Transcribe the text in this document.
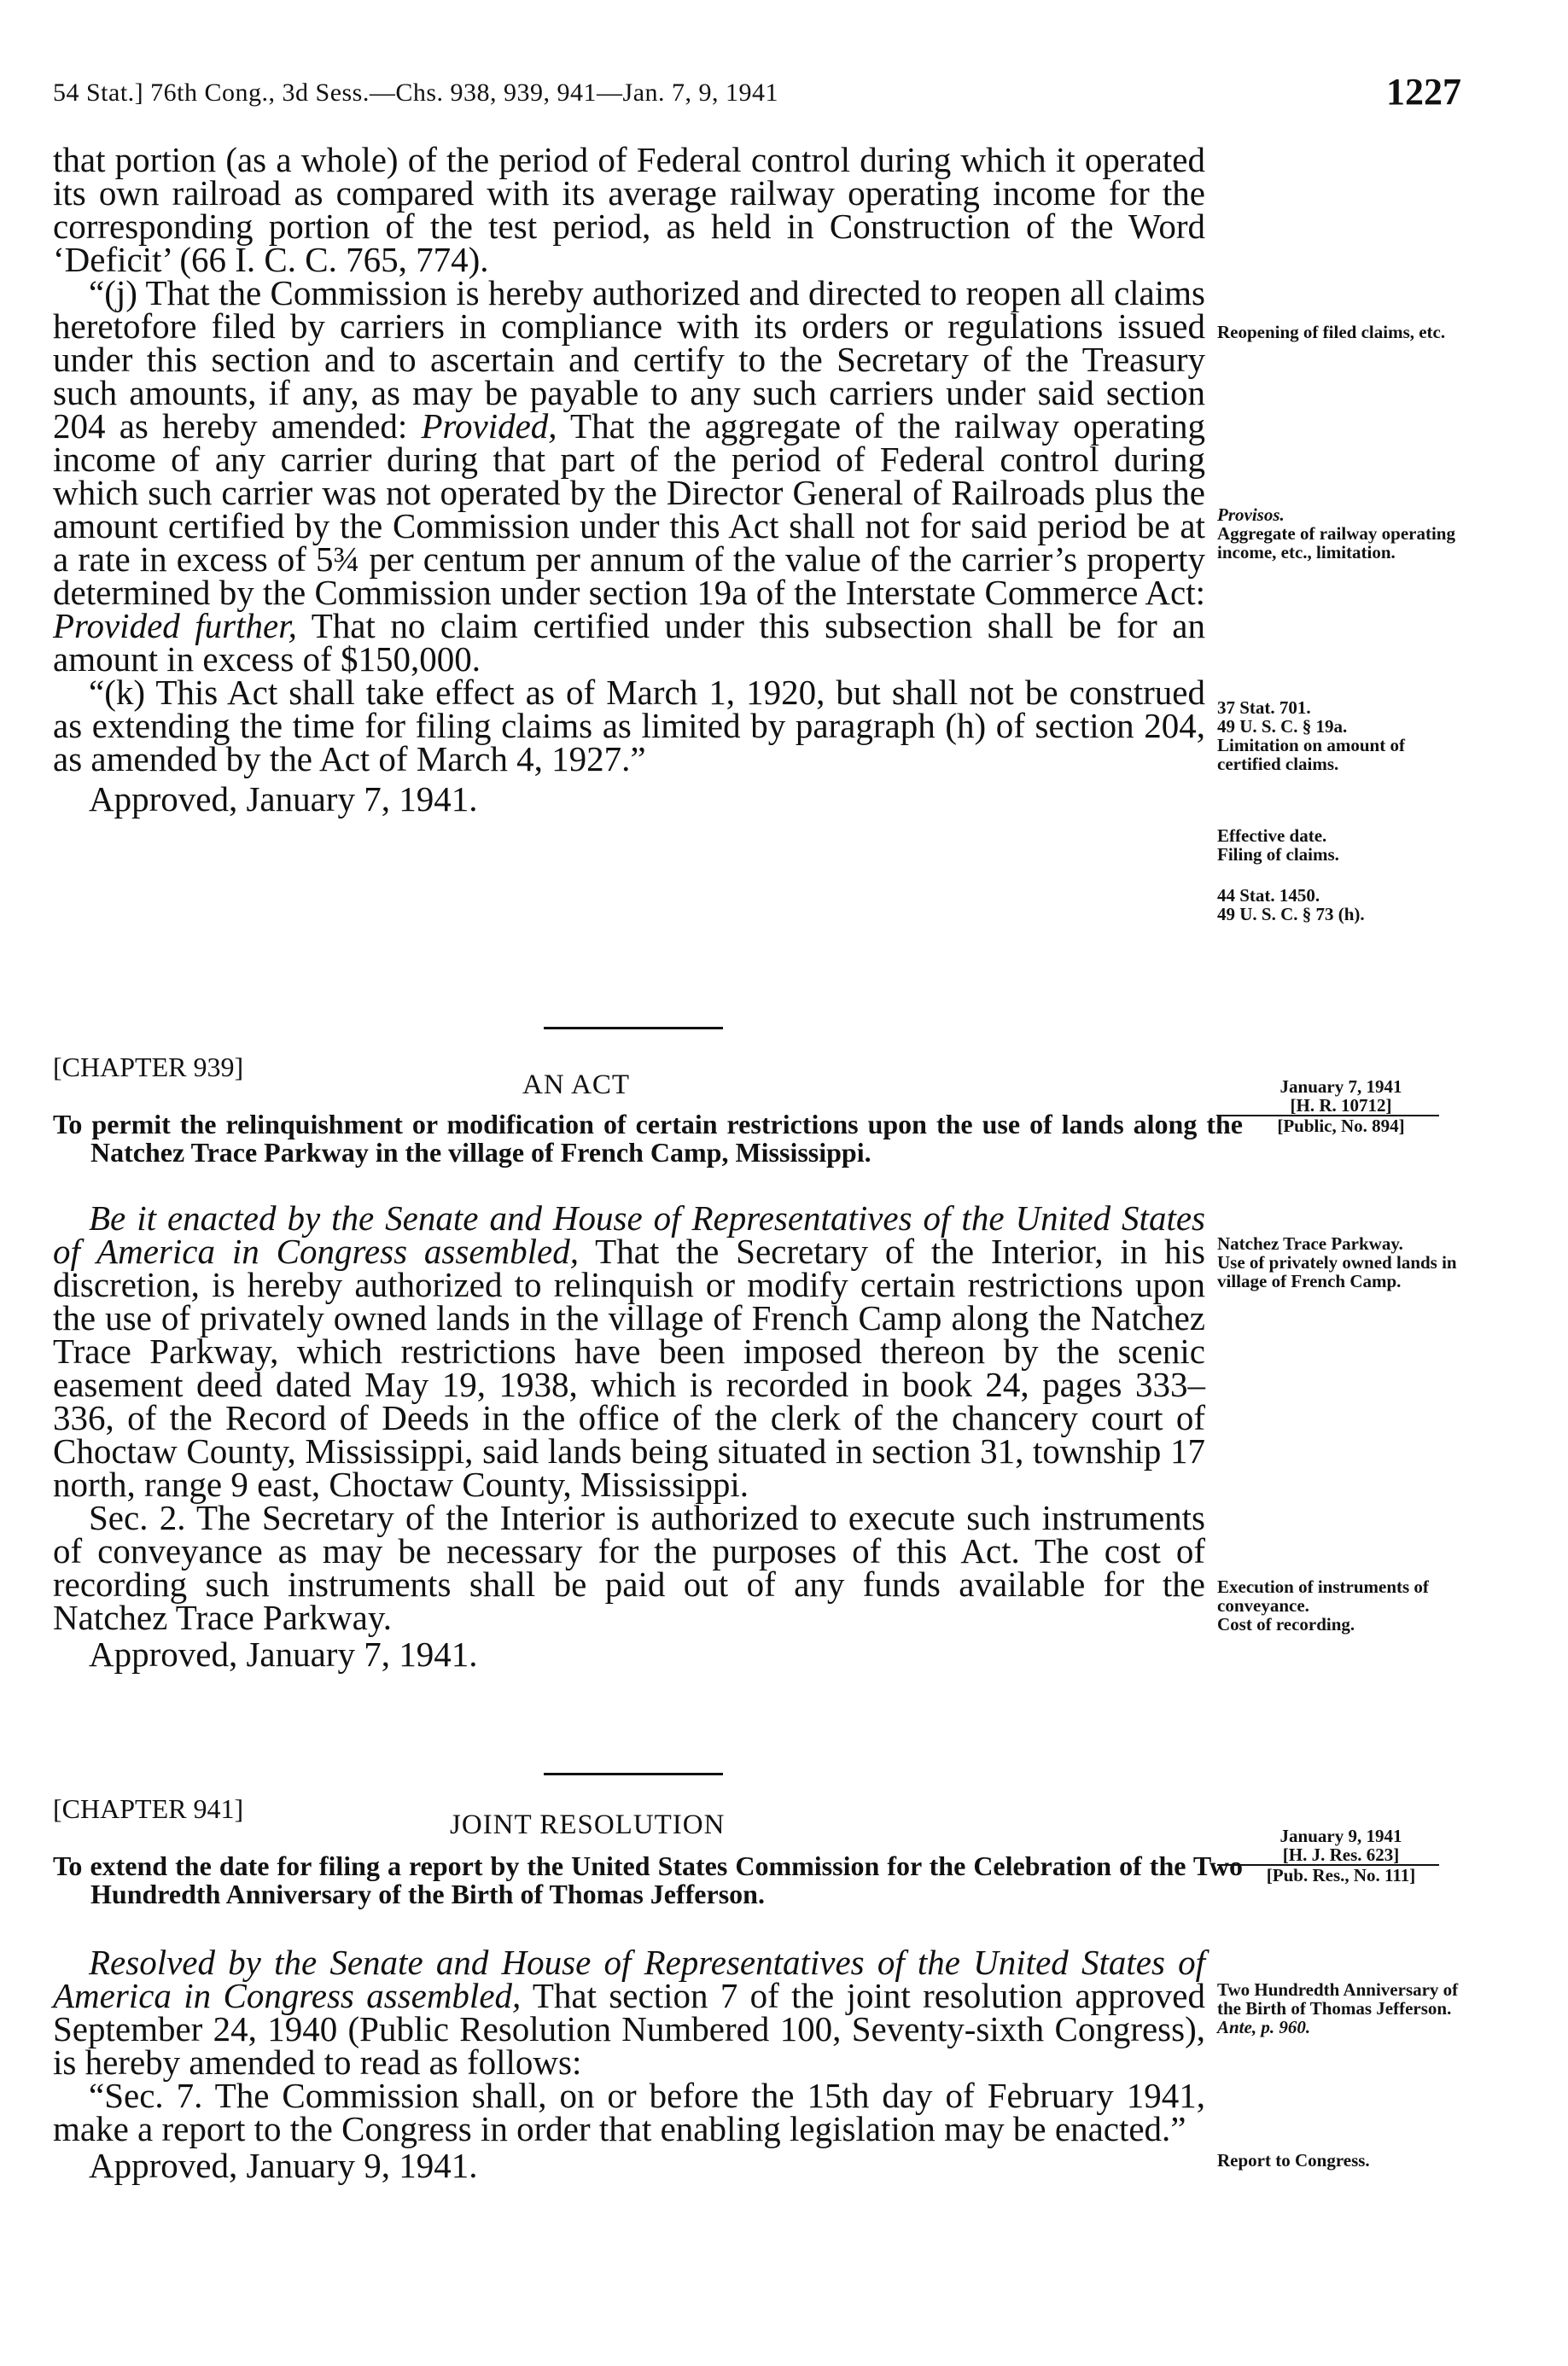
54 Stat.] 76th Cong., 3d Sess.—Chs. 938, 939, 941—Jan. 7, 9, 1941	1227

that portion (as a whole) of the period of Federal control during which it operated its own railroad as compared with its average railway operating income for the corresponding portion of the test period, as held in Construction of the Word ‘Deficit’ (66 I. C. C. 765, 774).

“(j) That the Commission is hereby authorized and directed to reopen all claims heretofore filed by carriers in compliance with its orders or regulations issued under this section and to ascertain and certify to the Secretary of the Treasury such amounts, if any, as may be payable to any such carriers under said section 204 as hereby amended: Provided, That the aggregate of the railway operating income of any carrier during that part of the period of Federal control during which such carrier was not operated by the Director General of Railroads plus the amount certified by the Commission under this Act shall not for said period be at a rate in excess of 5¾ per centum per annum of the value of the carrier’s property determined by the Commission under section 19a of the Interstate Commerce Act: Provided further, That no claim certified under this subsection shall be for an amount in excess of $150,000.

“(k) This Act shall take effect as of March 1, 1920, but shall not be construed as extending the time for filing claims as limited by paragraph (h) of section 204, as amended by the Act of March 4, 1927.”

Approved, January 7, 1941.

[CHAPTER 939]
AN ACT
To permit the relinquishment or modification of certain restrictions upon the use of lands along the Natchez Trace Parkway in the village of French Camp, Mississippi.

Be it enacted by the Senate and House of Representatives of the United States of America in Congress assembled, That the Secretary of the Interior, in his discretion, is hereby authorized to relinquish or modify certain restrictions upon the use of privately owned lands in the village of French Camp along the Natchez Trace Parkway, which restrictions have been imposed thereon by the scenic easement deed dated May 19, 1938, which is recorded in book 24, pages 333–336, of the Record of Deeds in the office of the clerk of the chancery court of Choctaw County, Mississippi, said lands being situated in section 31, township 17 north, range 9 east, Choctaw County, Mississippi.

Sec. 2. The Secretary of the Interior is authorized to execute such instruments of conveyance as may be necessary for the purposes of this Act. The cost of recording such instruments shall be paid out of any funds available for the Natchez Trace Parkway.

Approved, January 7, 1941.

[CHAPTER 941]
JOINT RESOLUTION
To extend the date for filing a report by the United States Commission for the Celebration of the Two Hundredth Anniversary of the Birth of Thomas Jefferson.

Resolved by the Senate and House of Representatives of the United States of America in Congress assembled, That section 7 of the joint resolution approved September 24, 1940 (Public Resolution Numbered 100, Seventy-sixth Congress), is hereby amended to read as follows:

“Sec. 7. The Commission shall, on or before the 15th day of February 1941, make a report to the Congress in order that enabling legislation may be enacted.”

Approved, January 9, 1941.

Reopening of filed claims, etc.
Provisos.
Aggregate of railway operating income, etc., limitation.
37 Stat. 701.
49 U. S. C. § 19a.
Limitation on amount of certified claims.
Effective date.
Filing of claims.
44 Stat. 1450.
49 U. S. C. § 73 (h).
January 7, 1941
[H. R. 10712]
[Public, No. 894]
Natchez Trace Parkway.
Use of privately owned lands in village of French Camp.
Execution of instruments of conveyance.
Cost of recording.
January 9, 1941
[H. J. Res. 623]
[Pub. Res., No. 111]
Two Hundredth Anniversary of the Birth of Thomas Jefferson.
Ante, p. 960.
Report to Congress.
